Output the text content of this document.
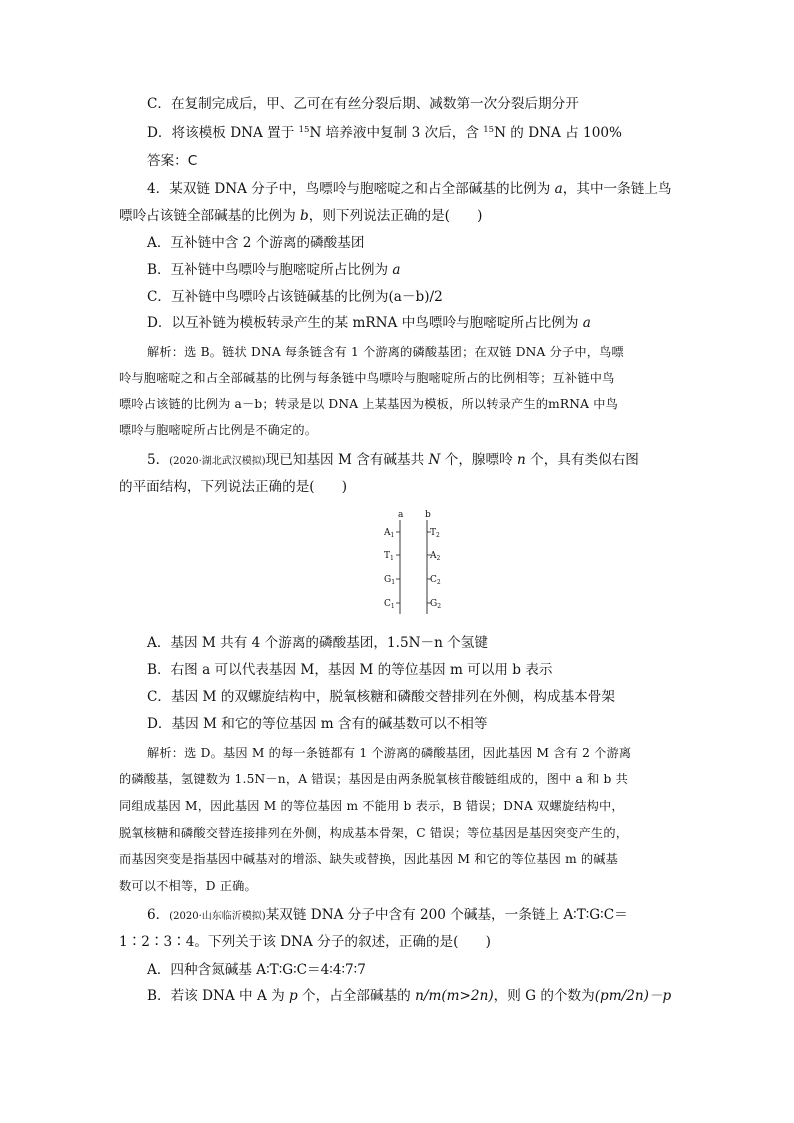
C．在复制完成后，甲、乙可在有丝分裂后期、减数第一次分裂后期分开
D．将该模板 DNA 置于 $^{15}$N 培养液中复制 3 次后，含 $^{15}$N 的 DNA 占 100%
答案：C
4．某双链 DNA 分子中，鸟嘌呤与胞嘧啶之和占全部碱基的比例为 a，其中一条链上鸟
嘌呤占该链全部碱基的比例为 b，则下列说法正确的是(　　)
A．互补链中含 2 个游离的磷酸基团
B．互补链中鸟嘌呤与胞嘧啶所占比例为 a
C．互补链中鸟嘌呤占该链碱基的比例为(a－b)/2
D．以互补链为模板转录产生的某 mRNA 中鸟嘌呤与胞嘧啶所占比例为 a
解析：选 B。链状 DNA 每条链含有 1 个游离的磷酸基团；在双链 DNA 分子中，鸟嘌
呤与胞嘧啶之和占全部碱基的比例与每条链中鸟嘌呤与胞嘧啶所占的比例相等；互补链中鸟
嘌呤占该链的比例为 a－b；转录是以 DNA 上某基因为模板，所以转录产生的mRNA 中鸟
嘌呤与胞嘧啶所占比例是不确定的。
5．(2020·湖北武汉模拟)现已知基因 M 含有碱基共 N 个，腺嘌呤 n 个，具有类似右图
的平面结构，下列说法正确的是(　　)
a b
$A_1$
$T_1$
$G_1$
$C_1$
$T_2$
$A_2$
$C_2$
$G_2$
A．基因 M 共有 4 个游离的磷酸基团，1.5N－n 个氢键
B．右图 a 可以代表基因 M，基因 M 的等位基因 m 可以用 b 表示
C．基因 M 的双螺旋结构中，脱氧核糖和磷酸交替排列在外侧，构成基本骨架
D．基因 M 和它的等位基因 m 含有的碱基数可以不相等
解析：选 D。基因 M 的每一条链都有 1 个游离的磷酸基团，因此基因 M 含有 2 个游离
的磷酸基，氢键数为 1.5N－n，A 错误；基因是由两条脱氧核苷酸链组成的，图中 a 和 b 共
同组成基因 M，因此基因 M 的等位基因 m 不能用 b 表示，B 错误；DNA 双螺旋结构中，
脱氧核糖和磷酸交替连接排列在外侧，构成基本骨架，C 错误；等位基因是基因突变产生的，
而基因突变是指基因中碱基对的增添、缺失或替换，因此基因 M 和它的等位基因 m 的碱基
数可以不相等，D 正确。
6．(2020·山东临沂模拟)某双链 DNA 分子中含有 200 个碱基，一条链上 A∶T∶G∶C＝
1∶2∶3∶4。下列关于该 DNA 分子的叙述，正确的是(　　)
A．四种含氮碱基 A∶T∶G∶C＝4∶4∶7∶7
B．若该 DNA 中 A 为 p 个，占全部碱基的 n/m(m>2n)，则 G 的个数为(pm/2n)－p
